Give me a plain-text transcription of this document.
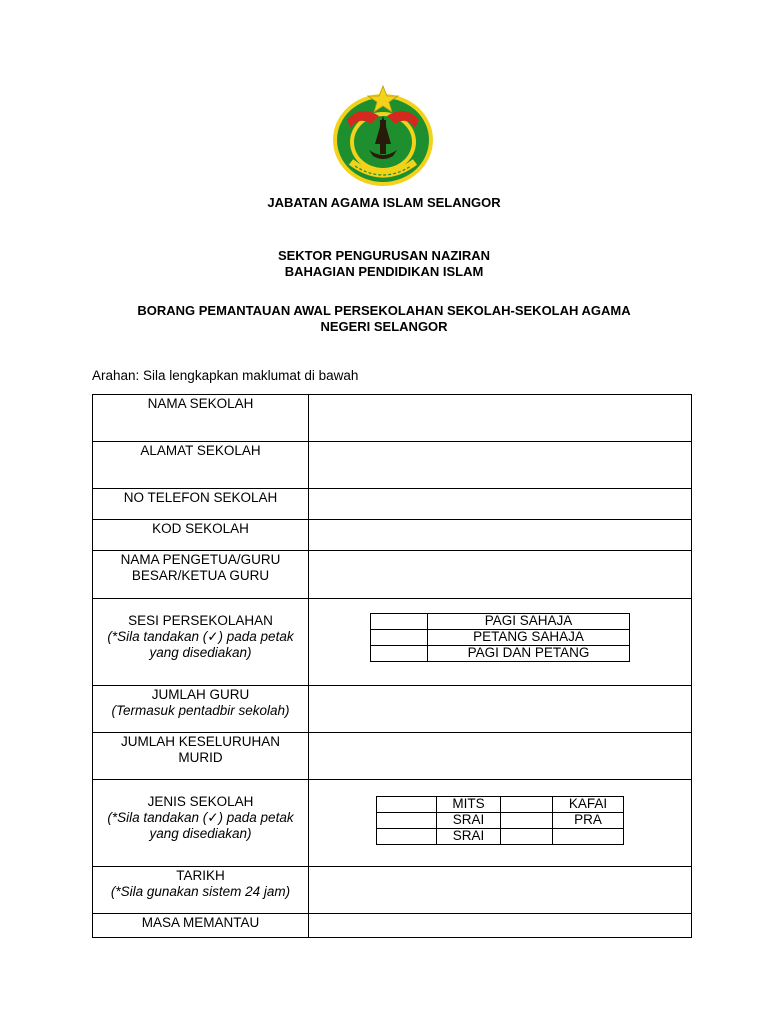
JABATAN AGAMA ISLAM SELANGOR
SEKTOR PENGURUSAN NAZIRAN
BAHAGIAN PENDIDIKAN ISLAM
BORANG PEMANTAUAN AWAL PERSEKOLAHAN SEKOLAH-SEKOLAH AGAMA
NEGERI SELANGOR
Arahan: Sila lengkapkan maklumat di bawah
NAMA SEKOLAH

ALAMAT SEKOLAH

NO TELEFON SEKOLAH

KOD SEKOLAH

NAMA PENGETUA/GURU
BESAR/KETUA GURU

SESI PERSEKOLAHAN
(*Sila tandakan (✓) pada petak
yang disediakan)

	PAGI SAHAJA
	PETANG SAHAJA
	PAGI DAN PETANG

JUMLAH GURU
(Termasuk pentadbir sekolah)

JUMLAH KESELURUHAN
MURID

JENIS SEKOLAH
(*Sila tandakan (✓) pada petak
yang disediakan)

	MITS		KAFAI
	SRAI		PRA
	SRAI		

TARIKH
(*Sila gunakan sistem 24 jam)

MASA MEMANTAU
